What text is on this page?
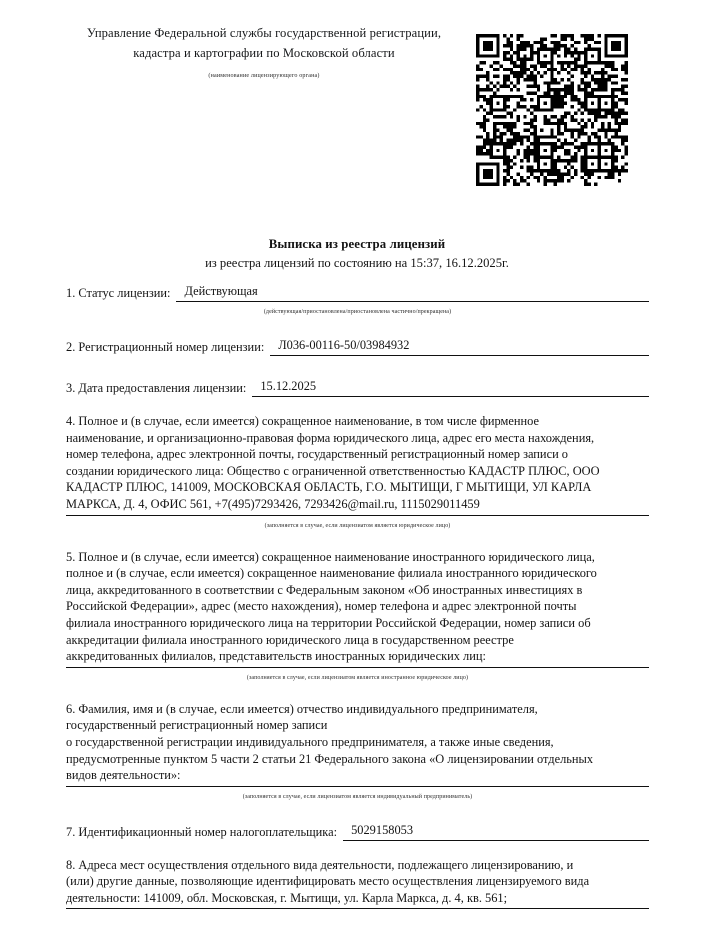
Управление Федеральной службы государственной регистрации,
кадастра и картографии по Московской области
(наименование лицензирующего органа)
Выписка из реестра лицензий
из реестра лицензий по состоянию на 15:37, 16.12.2025г.
1. Статус лицензии:	Действующая
(действующая/приостановлена/приостановлена частично/прекращена)
2. Регистрационный номер лицензии:	Л036-00116-50/03984932
3. Дата предоставления лицензии:	15.12.2025
4. Полное и (в случае, если имеется) сокращенное наименование, в том числе фирменное
наименование, и организационно-правовая форма юридического лица, адрес его места нахождения,
номер телефона, адрес электронной почты, государственный регистрационный номер записи о
создании юридического лица: Общество с ограниченной ответственностью КАДАСТР ПЛЮС, ООО
КАДАСТР ПЛЮС, 141009, МОСКОВСКАЯ ОБЛАСТЬ, Г.О. МЫТИЩИ, Г МЫТИЩИ, УЛ КАРЛА
МАРКСА, Д. 4, ОФИС 561, +7(495)7293426, 7293426@mail.ru, 1115029011459
(заполняется в случае, если лицензиатом является юридическое лицо)
5. Полное и (в случае, если имеется) сокращенное наименование иностранного юридического лица,
полное и (в случае, если имеется) сокращенное наименование филиала иностранного юридического
лица, аккредитованного в соответствии с Федеральным законом «Об иностранных инвестициях в
Российской Федерации», адрес (место нахождения), номер телефона и адрес электронной почты
филиала иностранного юридического лица на территории Российской Федерации, номер записи об
аккредитации филиала иностранного юридического лица в государственном реестре
аккредитованных филиалов, представительств иностранных юридических лиц:
(заполняется в случае, если лицензиатом является иностранное юридическое лицо)
6. Фамилия, имя и (в случае, если имеется) отчество индивидуального предпринимателя,
государственный регистрационный номер записи
о государственной регистрации индивидуального предпринимателя, а также иные сведения,
предусмотренные пунктом 5 части 2 статьи 21 Федерального закона «О лицензировании отдельных
видов деятельности»:
(заполняется в случае, если лицензиатом является индивидуальный предприниматель)
7. Идентификационный номер налогоплательщика:	5029158053
8. Адреса мест осуществления отдельного вида деятельности, подлежащего лицензированию, и
(или) другие данные, позволяющие идентифицировать место осуществления лицензируемого вида
деятельности: 141009, обл. Московская, г. Мытищи, ул. Карла Маркса, д. 4, кв. 561;
